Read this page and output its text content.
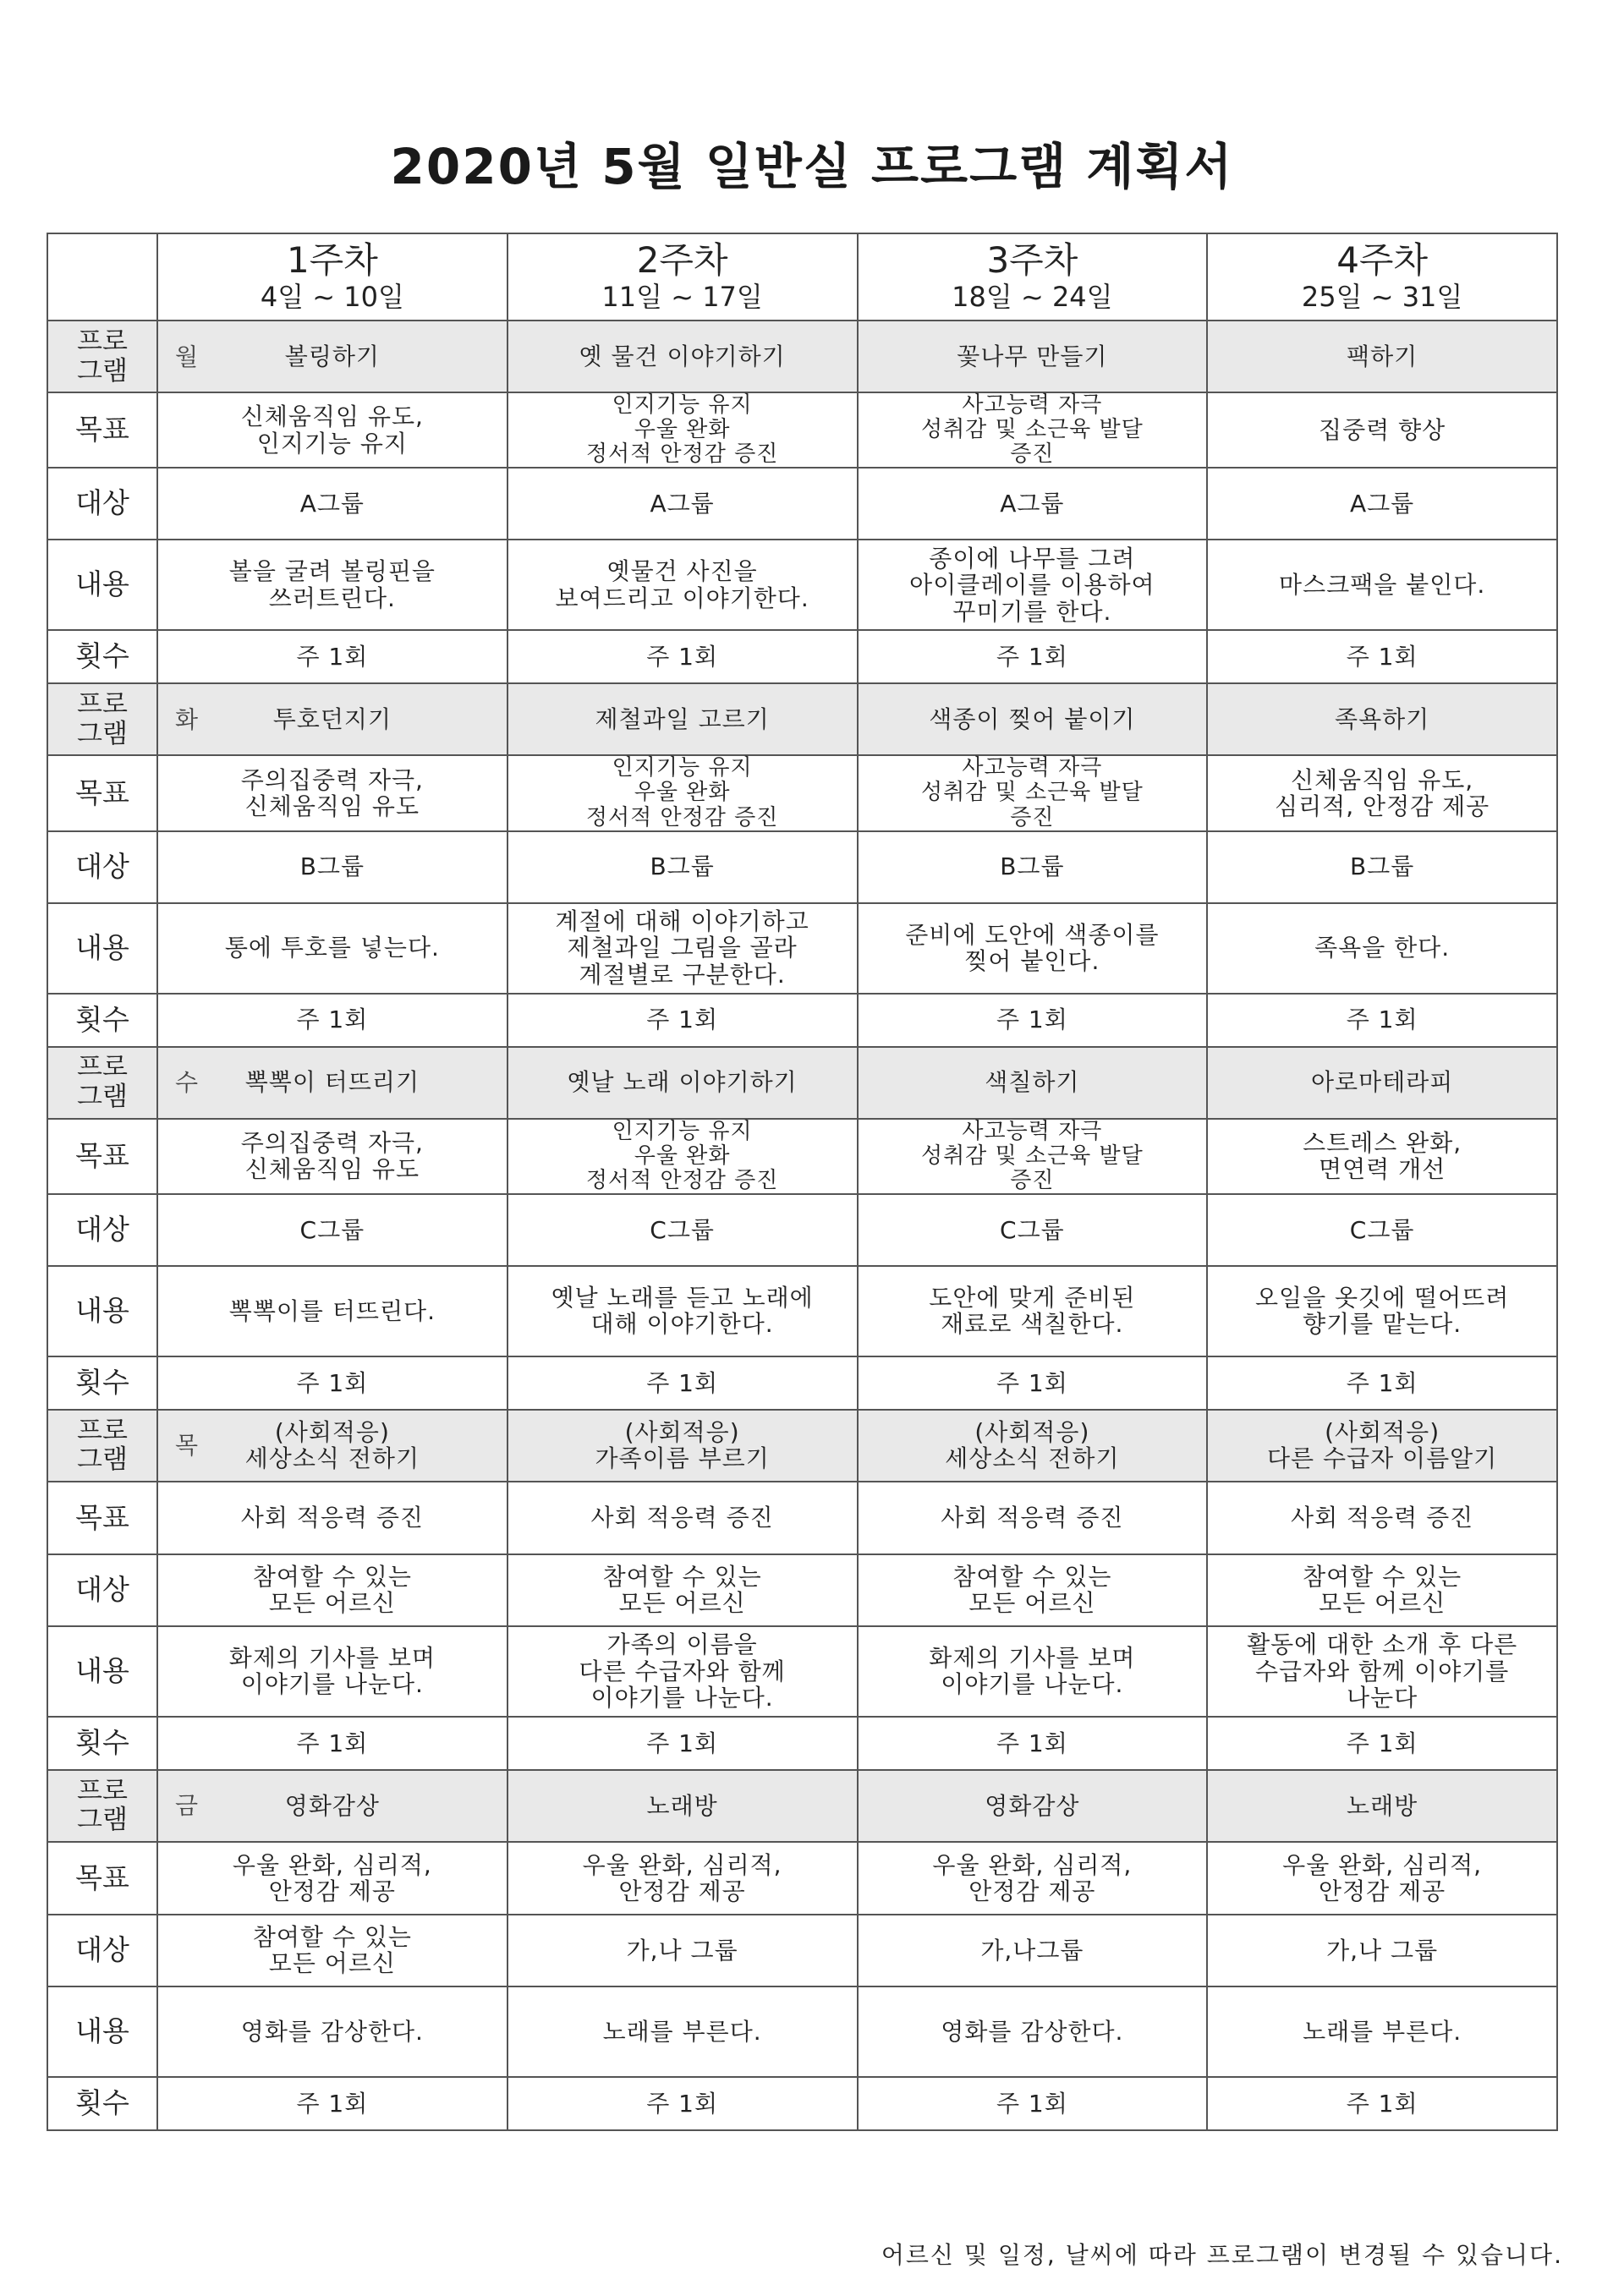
2020년 5월 일반실 프로그램 계획서

	1주차
4일 ~ 10일	2주차
11일 ~ 17일	3주차
18일 ~ 24일	4주차
25일 ~ 31일

프로
그램	월 볼링하기	옛 물건 이야기하기	꽃나무 만들기	팩하기

목표	신체움직임 유도,
인지기능 유지	인지기능 유지
우울 완화
정서적 안정감 증진	사고능력 자극
성취감 및 소근육 발달
증진	집중력 향상

대상	A그룹	A그룹	A그룹	A그룹

내용	볼을 굴려 볼링핀을
쓰러트린다.	옛물건 사진을
보여드리고 이야기한다.	종이에 나무를 그려
아이클레이를 이용하여
꾸미기를 한다.	마스크팩을 붙인다.

횟수	주 1회	주 1회	주 1회	주 1회

프로
그램	화 투호던지기	제철과일 고르기	색종이 찢어 붙이기	족욕하기

목표	주의집중력 자극,
신체움직임 유도	인지기능 유지
우울 완화
정서적 안정감 증진	사고능력 자극
성취감 및 소근육 발달
증진	신체움직임 유도,
심리적, 안정감 제공

대상	B그룹	B그룹	B그룹	B그룹

내용	통에 투호를 넣는다.	계절에 대해 이야기하고
제철과일 그림을 골라
계절별로 구분한다.	준비에 도안에 색종이를
찢어 붙인다.	족욕을 한다.

횟수	주 1회	주 1회	주 1회	주 1회

프로
그램	수 뽁뽁이 터뜨리기	옛날 노래 이야기하기	색칠하기	아로마테라피

목표	주의집중력 자극,
신체움직임 유도	인지기능 유지
우울 완화
정서적 안정감 증진	사고능력 자극
성취감 및 소근육 발달
증진	스트레스 완화,
면연력 개선

대상	C그룹	C그룹	C그룹	C그룹

내용	뽁뽁이를 터뜨린다.	옛날 노래를 듣고 노래에
대해 이야기한다.	도안에 맞게 준비된
재료로 색칠한다.	오일을 옷깃에 떨어뜨려
향기를 맡는다.

횟수	주 1회	주 1회	주 1회	주 1회

프로
그램	목 (사회적응)
세상소식 전하기	(사회적응)
가족이름 부르기	(사회적응)
세상소식 전하기	(사회적응)
다른 수급자 이름알기

목표	사회 적응력 증진	사회 적응력 증진	사회 적응력 증진	사회 적응력 증진

대상	참여할 수 있는
모든 어르신	참여할 수 있는
모든 어르신	참여할 수 있는
모든 어르신	참여할 수 있는
모든 어르신

내용	화제의 기사를 보며
이야기를 나눈다.	가족의 이름을
다른 수급자와 함께
이야기를 나눈다.	화제의 기사를 보며
이야기를 나눈다.	활동에 대한 소개 후 다른
수급자와 함께 이야기를
나눈다

횟수	주 1회	주 1회	주 1회	주 1회

프로
그램	금 영화감상	노래방	영화감상	노래방

목표	우울 완화, 심리적,
안정감 제공	우울 완화, 심리적,
안정감 제공	우울 완화, 심리적,
안정감 제공	우울 완화, 심리적,
안정감 제공

대상	참여할 수 있는
모든 어르신	가,나 그룹	가,나그룹	가,나 그룹

내용	영화를 감상한다.	노래를 부른다.	영화를 감상한다.	노래를 부른다.

횟수	주 1회	주 1회	주 1회	주 1회
어르신 및 일정, 날씨에 따라 프로그램이 변경될 수 있습니다.
